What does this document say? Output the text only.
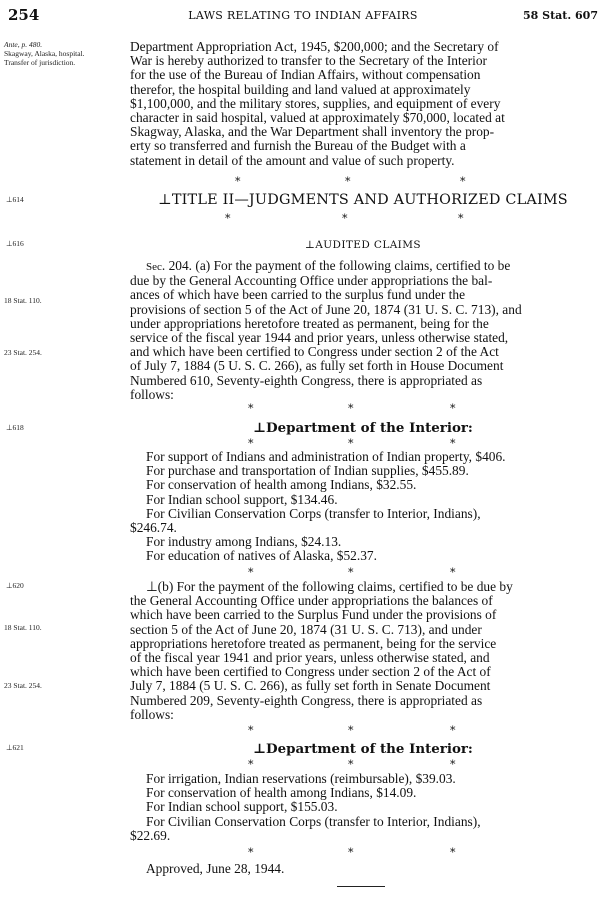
254	LAWS RELATING TO INDIAN AFFAIRS	58 Stat. 607
Ante, p. 480.
Skagway, Alaska, hospital.
Transfer of jurisdiction.
⊥614
⊥616
18 Stat. 110.
23 Stat. 254.
⊥618
⊥620
18 Stat. 110.
23 Stat. 254.
⊥621
Department Appropriation Act, 1945, $200,000; and the Secretary of
War is hereby authorized to transfer to the Secretary of the Interior
for the use of the Bureau of Indian Affairs, without compensation
therefor, the hospital building and land valued at approximately
$1,100,000, and the military stores, supplies, and equipment of every
character in said hospital, valued at approximately $70,000, located at
Skagway, Alaska, and the War Department shall inventory the prop-
erty so transferred and furnish the Bureau of the Budget with a
statement in detail of the amount and value of such property.
*	*	*
⊥TITLE II—JUDGMENTS AND AUTHORIZED CLAIMS
*	*	*
⊥AUDITED CLAIMS
Sec. 204. (a) For the payment of the following claims, certified to be
due by the General Accounting Office under appropriations the bal-
ances of which have been carried to the surplus fund under the
provisions of section 5 of the Act of June 20, 1874 (31 U. S. C. 713), and
under appropriations heretofore treated as permanent, being for the
service of the fiscal year 1944 and prior years, unless otherwise stated,
and which have been certified to Congress under section 2 of the Act
of July 7, 1884 (5 U. S. C. 266), as fully set forth in House Document
Numbered 610, Seventy-eighth Congress, there is appropriated as
follows:
*	*	*
⊥Department of the Interior:
*	*	*
For support of Indians and administration of Indian property, $406.
For purchase and transportation of Indian supplies, $455.89.
For conservation of health among Indians, $32.55.
For Indian school support, $134.46.
For Civilian Conservation Corps (transfer to Interior, Indians),
$246.74.
For industry among Indians, $24.13.
For education of natives of Alaska, $52.37.
*	*	*
⊥(b) For the payment of the following claims, certified to be due by
the General Accounting Office under appropriations the balances of
which have been carried to the Surplus Fund under the provisions of
section 5 of the Act of June 20, 1874 (31 U. S. C. 713), and under
appropriations heretofore treated as permanent, being for the service
of the fiscal year 1941 and prior years, unless otherwise stated, and
which have been certified to Congress under section 2 of the Act of
July 7, 1884 (5 U. S. C. 266), as fully set forth in Senate Document
Numbered 209, Seventy-eighth Congress, there is appropriated as
follows:
*	*	*
⊥Department of the Interior:
*	*	*
For irrigation, Indian reservations (reimbursable), $39.03.
For conservation of health among Indians, $14.09.
For Indian school support, $155.03.
For Civilian Conservation Corps (transfer to Interior, Indians),
$22.69.
*	*	*
Approved, June 28, 1944.
